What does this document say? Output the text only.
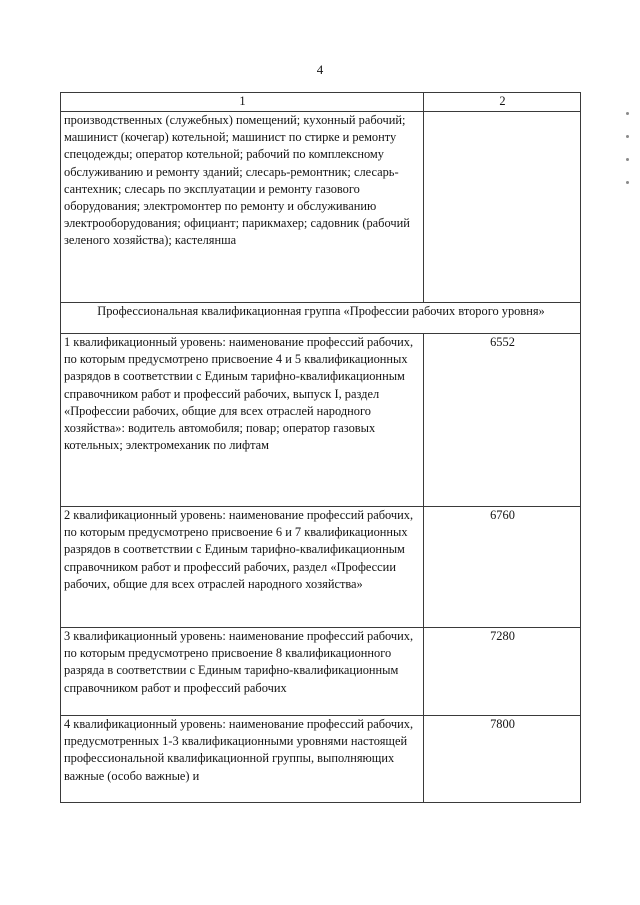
4
1	2
производственных (служебных) помещений; кухонный рабочий; машинист (кочегар) котельной; машинист по стирке и ремонту спецодежды; оператор котельной; рабочий по комплексному обслуживанию и ремонту зданий; слесарь-ремонтник; слесарь-сантехник; слесарь по эксплуатации и ремонту газового оборудования; электромонтер по ремонту и обслуживанию электрооборудования; официант; парикмахер; садовник (рабочий зеленого хозяйства); кастелянша	
Профессиональная квалификационная группа «Профессии рабочих второго уровня»	
1 квалификационный уровень: наименование профессий рабочих, по которым предусмотрено присвоение 4 и 5 квалификационных разрядов в соответствии с Единым тарифно-квалификационным справочником работ и профессий рабочих, выпуск I, раздел «Профессии рабочих, общие для всех отраслей народного хозяйства»: водитель автомобиля; повар; оператор газовых котельных; электромеханик по лифтам	6552
2 квалификационный уровень: наименование профессий рабочих, по которым предусмотрено присвоение 6 и 7 квалификационных разрядов в соответствии с Единым тарифно-квалификационным справочником работ и профессий рабочих, раздел «Профессии рабочих, общие для всех отраслей народного хозяйства»	6760
3 квалификационный уровень: наименование профессий рабочих, по которым предусмотрено присвоение 8 квалификационного разряда в соответствии с Единым тарифно-квалификационным справочником работ и профессий рабочих	7280
4 квалификационный уровень: наименование профессий рабочих, предусмотренных 1-3 квалификационными уровнями настоящей профессиональной квалификационной группы, выполняющих важные (особо важные) и	7800
